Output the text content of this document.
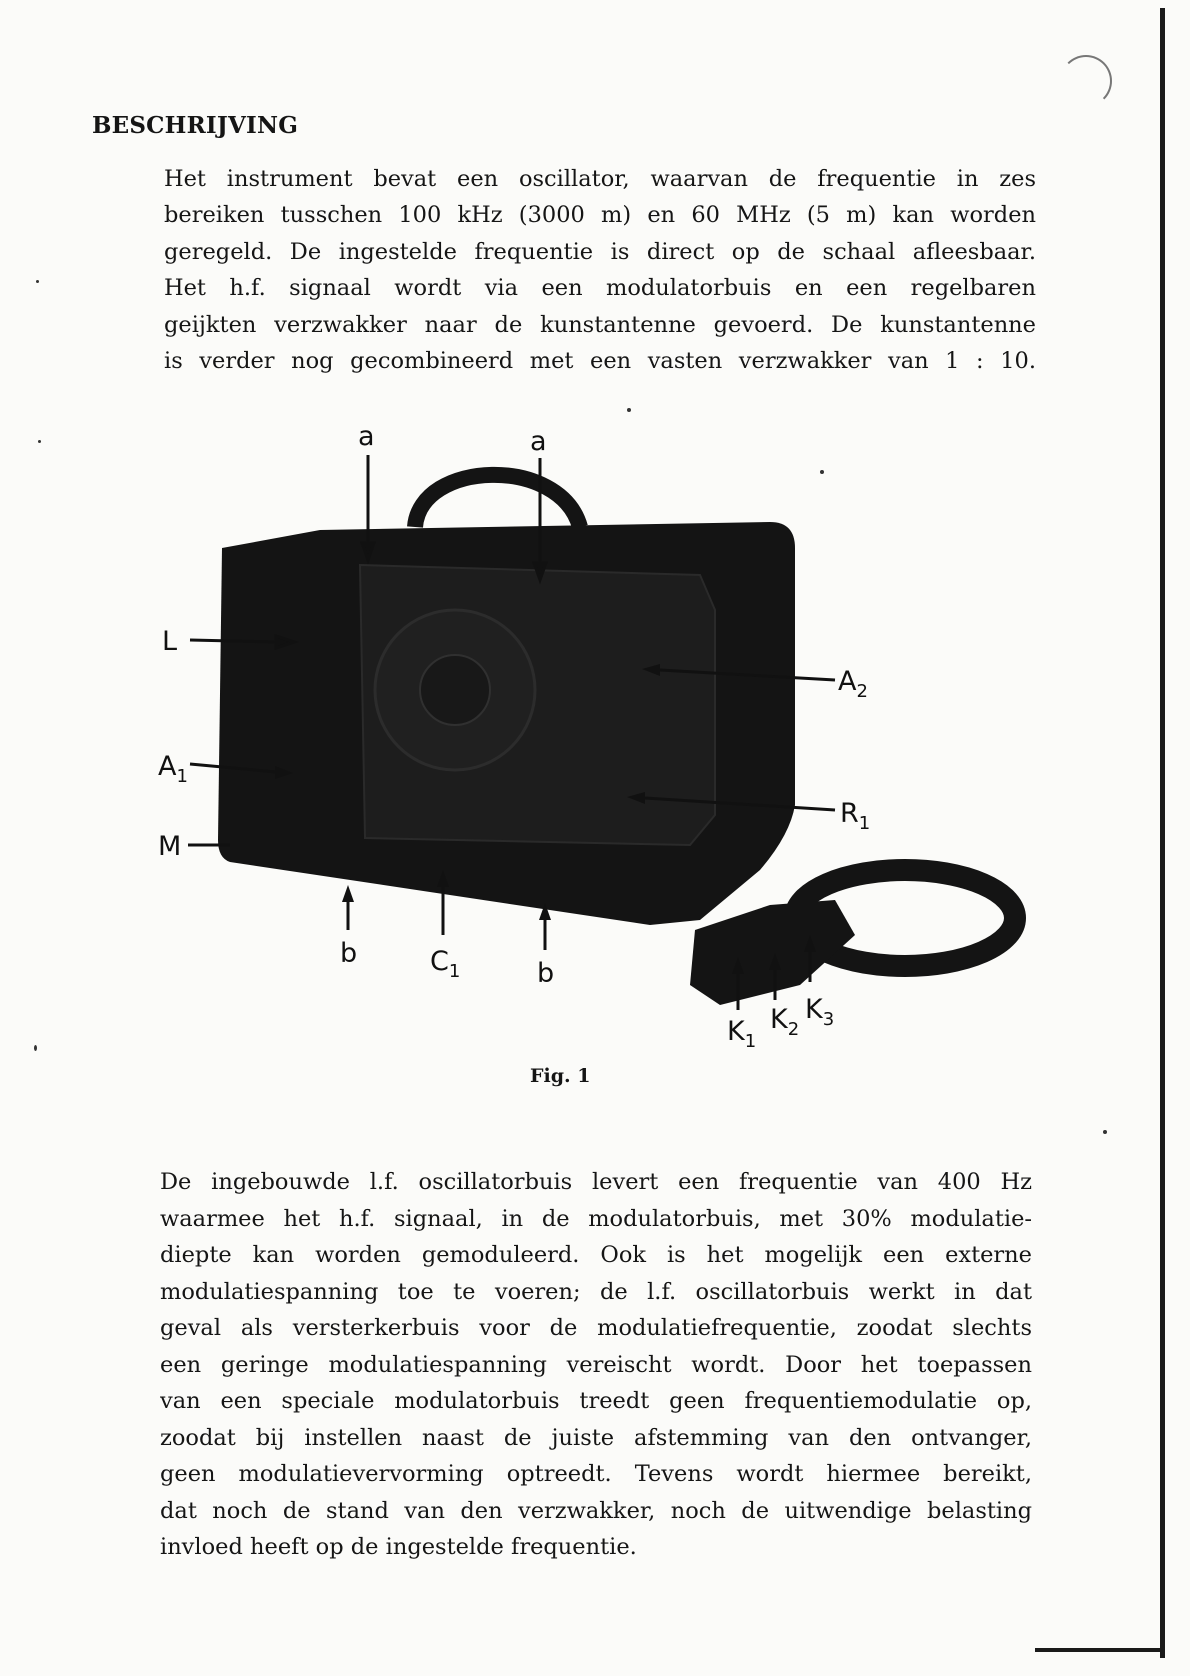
BESCHRIJVING
Het instrument bevat een oscillator, waarvan de frequentie in zes
bereiken tusschen 100 kHz (3000 m) en 60 MHz (5 m) kan worden
geregeld. De ingestelde frequentie is direct op de schaal afleesbaar.
Het h.f. signaal wordt via een modulatorbuis en een regelbaren
geijkten verzwakker naar de kunstantenne gevoerd. De kunstantenne
is verder nog gecombineerd met een vasten verzwakker van 1 : 10.
a	a
L
$A_1$
M
$A_2$
$R_1$
b	$C_1$	b
$K_1$
$K_2$
$K_3$

Fig. 1

De ingebouwde l.f. oscillatorbuis levert een frequentie van 400 Hz
waarmee het h.f. signaal, in de modulatorbuis, met 30% modulatie-
diepte kan worden gemoduleerd. Ook is het mogelijk een externe
modulatiespanning toe te voeren; de l.f. oscillatorbuis werkt in dat
geval als versterkerbuis voor de modulatiefrequentie, zoodat slechts
een geringe modulatiespanning vereischt wordt. Door het toepassen
van een speciale modulatorbuis treedt geen frequentiemodulatie op,
zoodat bij instellen naast de juiste afstemming van den ontvanger,
geen modulatievervorming optreedt. Tevens wordt hiermee bereikt,
dat noch de stand van den verzwakker, noch de uitwendige belasting
invloed heeft op de ingestelde frequentie.
